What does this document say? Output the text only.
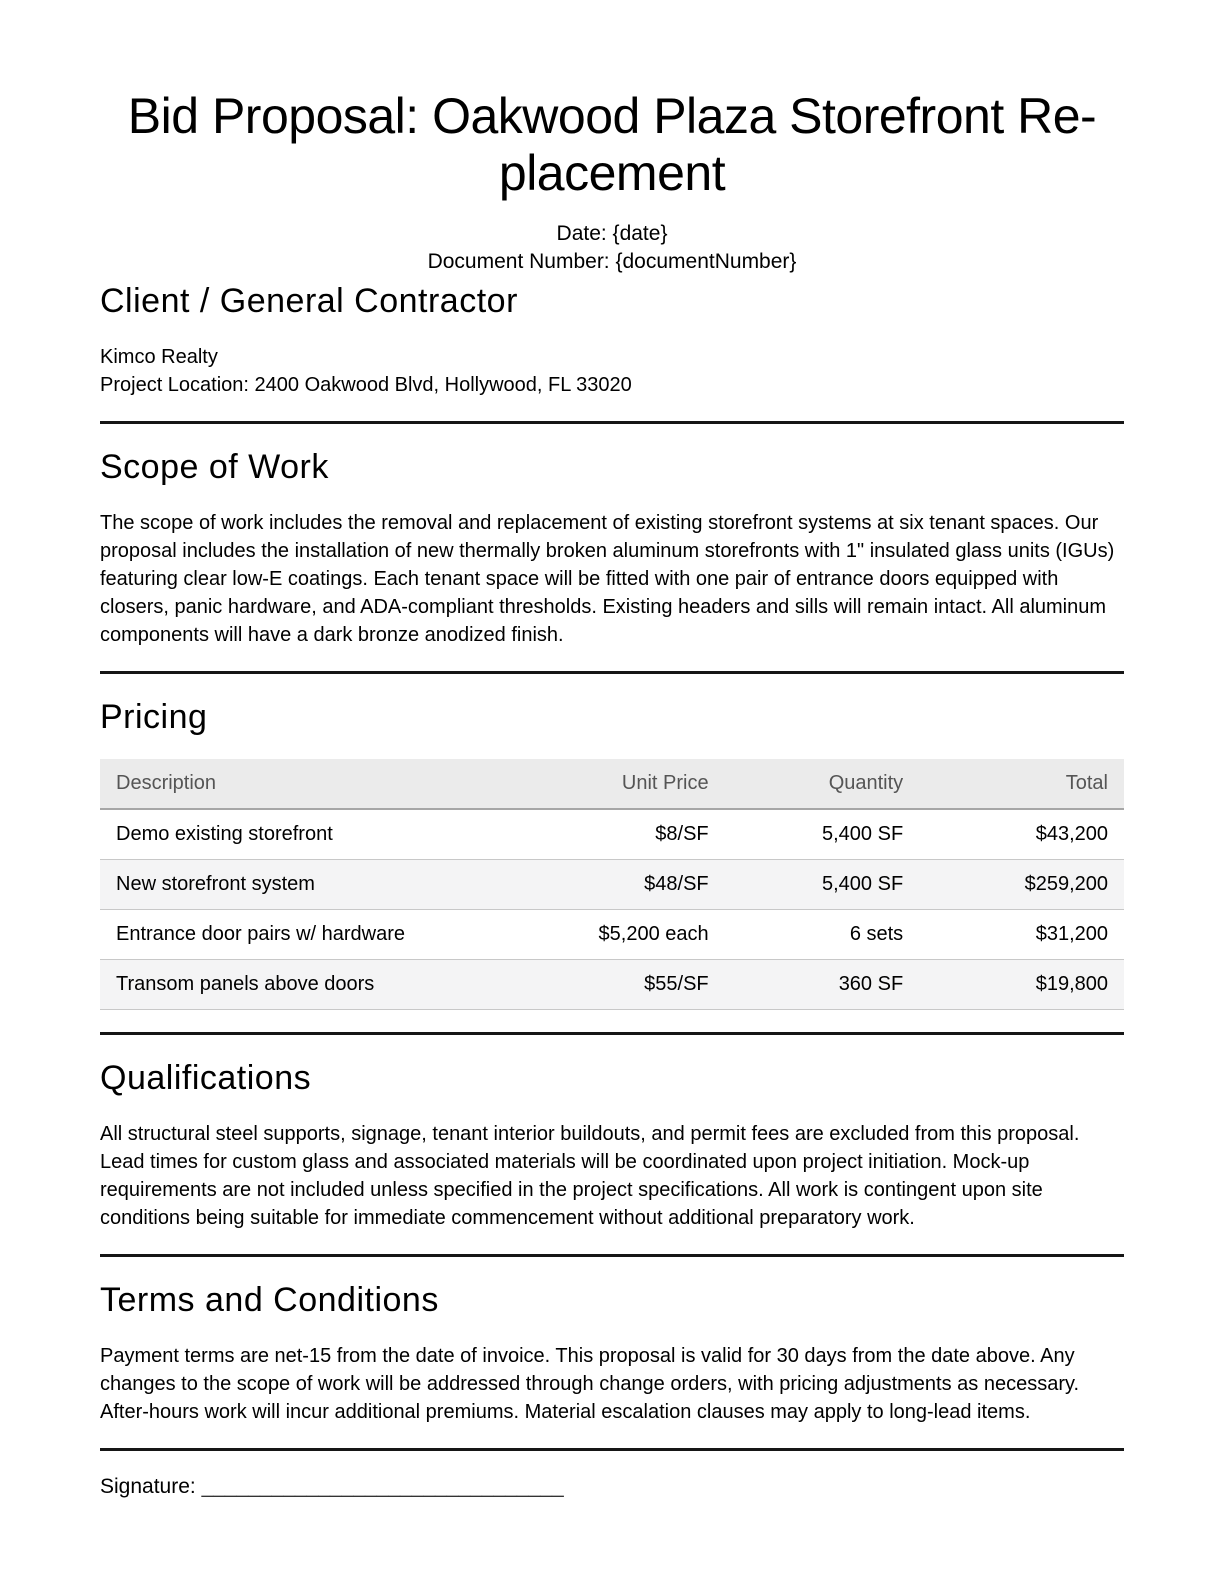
Bid Proposal: Oakwood Plaza Storefront Re-
placement
Date: {date}
Document Number: {documentNumber}
Client / General Contractor
Kimco Realty
Project Location: 2400 Oakwood Blvd, Hollywood, FL 33020
Scope of Work

The scope of work includes the removal and replacement of existing storefront systems at six tenant spaces. Our proposal includes the installation of new thermally broken aluminum storefronts with 1" insulated glass units (IGUs) featuring clear low-E coatings. Each tenant space will be fitted with one pair of entrance doors equipped with closers, panic hardware, and ADA-compliant thresholds. Existing headers and sills will remain intact. All aluminum components will have a dark bronze anodized finish.

Pricing
Description	Unit Price	Quantity	Total
Demo existing storefront	$8/SF	5,400 SF	$43,200
New storefront system	$48/SF	5,400 SF	$259,200
Entrance door pairs w/ hardware	$5,200 each	6 sets	$31,200
Transom panels above doors	$55/SF	360 SF	$19,800
Qualifications

All structural steel supports, signage, tenant interior buildouts, and permit fees are excluded from this proposal. Lead times for custom glass and associated materials will be coordinated upon project initiation. Mock-up requirements are not included unless specified in the project specifications. All work is contingent upon site conditions being suitable for immediate commencement without additional preparatory work.

Terms and Conditions

Payment terms are net-15 from the date of invoice. This proposal is valid for 30 days from the date above. Any changes to the scope of work will be addressed through change orders, with pricing adjustments as necessary. After-hours work will incur additional premiums. Material escalation clauses may apply to long-lead items.

Signature: _______________________________
